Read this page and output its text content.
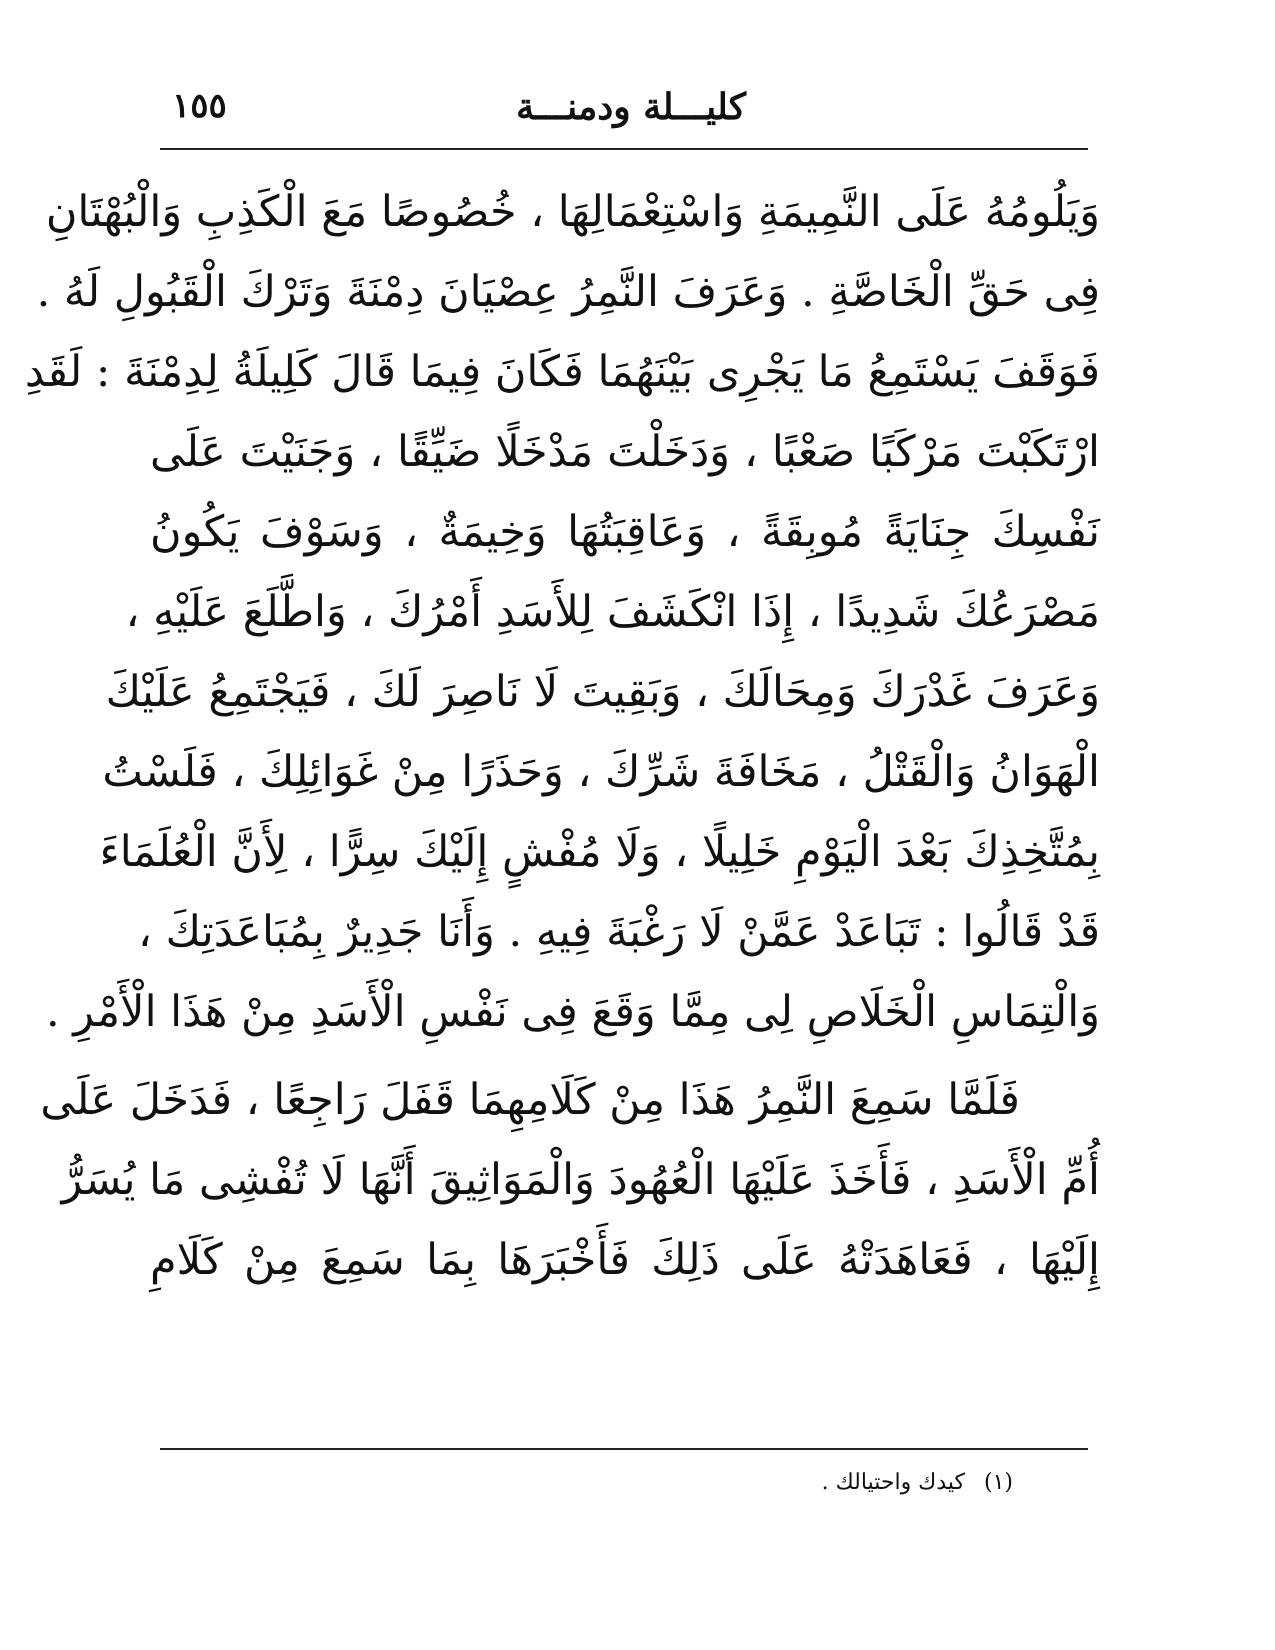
كليـــلة ودمنـــة
١٥٥
وَيَلُومُهُ عَلَى النَّمِيمَةِ وَاسْتِعْمَالِهَا ، خُصُوصًا مَعَ الْكَذِبِ وَالْبُهْتَانِ
فِى حَقِّ الْخَاصَّةِ . وَعَرَفَ النَّمِرُ عِصْيَانَ دِمْنَةَ وَتَرْكَ الْقَبُولِ لَهُ .
فَوَقَفَ يَسْتَمِعُ مَا يَجْرِى بَيْنَهُمَا فَكَانَ فِيمَا قَالَ كَلِيلَةُ لِدِمْنَةَ : لَقَدِ
ارْتَكَبْتَ مَرْكَبًا صَعْبًا ، وَدَخَلْتَ مَدْخَلًا ضَيِّقًا ، وَجَنَيْتَ عَلَى
نَفْسِكَ جِنَايَةً مُوبِقَةً ، وَعَاقِبَتُهَا وَخِيمَةٌ ، وَسَوْفَ يَكُونُ
مَصْرَعُكَ شَدِيدًا ، إِذَا انْكَشَفَ لِلأَسَدِ أَمْرُكَ ، وَاطَّلَعَ عَلَيْهِ ،
وَعَرَفَ غَدْرَكَ وَمِحَالَكَ ، وَبَقِيتَ لَا نَاصِرَ لَكَ ، فَيَجْتَمِعُ عَلَيْكَ
الْهَوَانُ وَالْقَتْلُ ، مَخَافَةَ شَرِّكَ ، وَحَذَرًا مِنْ غَوَائِلِكَ ، فَلَسْتُ
بِمُتَّخِذِكَ بَعْدَ الْيَوْمِ خَلِيلًا ، وَلَا مُفْشٍ إِلَيْكَ سِرًّا ، لِأَنَّ الْعُلَمَاءَ
قَدْ قَالُوا : تَبَاعَدْ عَمَّنْ لَا رَغْبَةَ فِيهِ . وَأَنَا جَدِيرٌ بِمُبَاعَدَتِكَ ،
وَالْتِمَاسِ الْخَلَاصِ لِى مِمَّا وَقَعَ فِى نَفْسِ الْأَسَدِ مِنْ هَذَا الْأَمْرِ .
فَلَمَّا سَمِعَ النَّمِرُ هَذَا مِنْ كَلَامِهِمَا قَفَلَ رَاجِعًا ، فَدَخَلَ عَلَى
أُمِّ الْأَسَدِ ، فَأَخَذَ عَلَيْهَا الْعُهُودَ وَالْمَوَاثِيقَ أَنَّهَا لَا تُفْشِى مَا يُسَرُّ
إِلَيْهَا ، فَعَاهَدَتْهُ عَلَى ذَلِكَ فَأَخْبَرَهَا بِمَا سَمِعَ مِنْ كَلَامِ
(١) كيدك واحتيالك .
